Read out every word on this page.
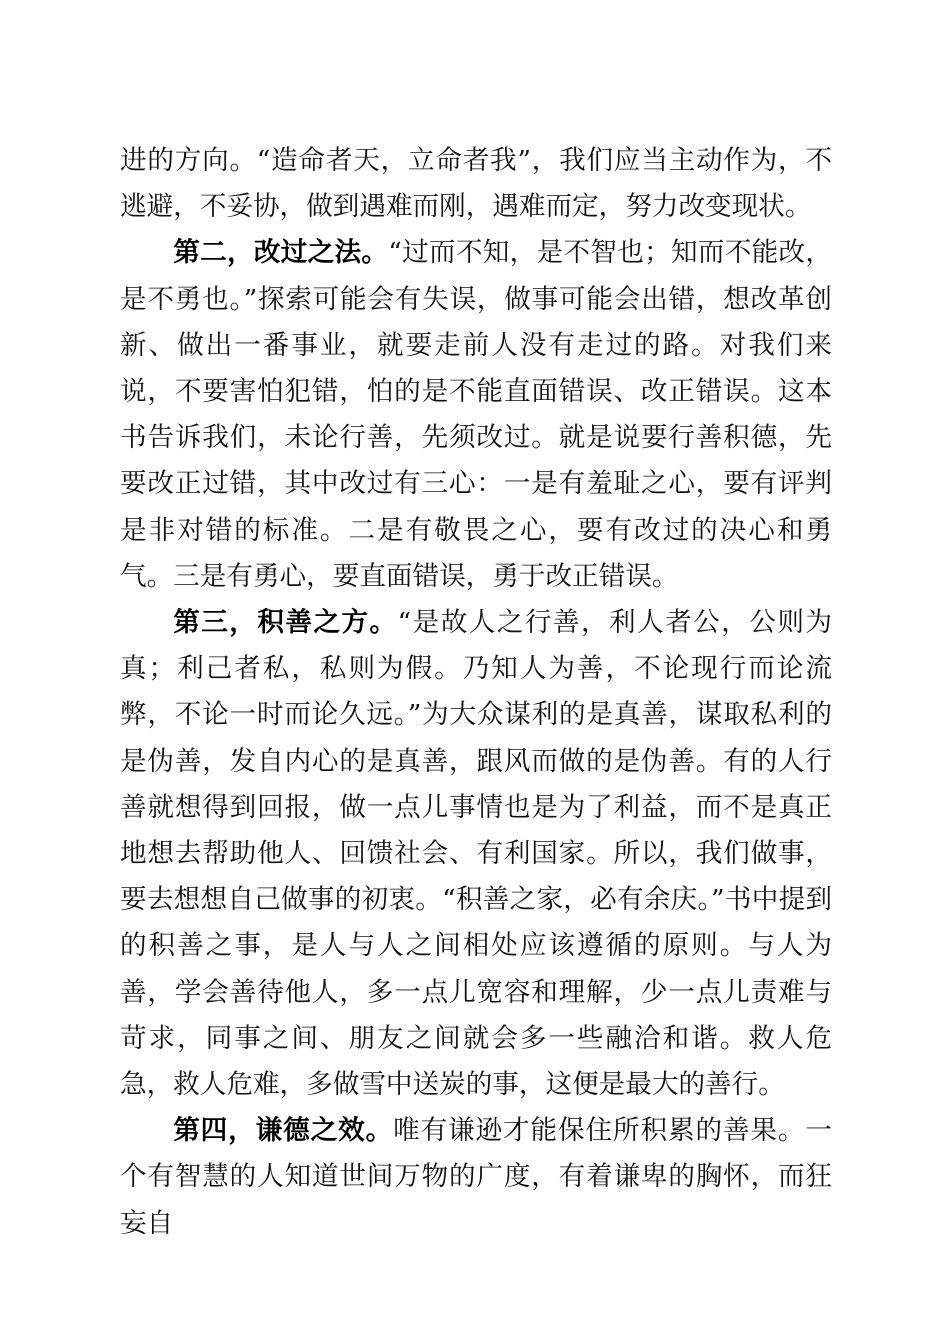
进的方向。“造命者天，立命者我”，我们应当主动作为，不逃避，不妥协，做到遇难而刚，遇难而定，努力改变现状。

第二，改过之法。“过而不知，是不智也；知而不能改，是不勇也。”探索可能会有失误，做事可能会出错，想改革创新、做出一番事业，就要走前人没有走过的路。对我们来说，不要害怕犯错，怕的是不能直面错误、改正错误。这本书告诉我们，未论行善，先须改过。就是说要行善积德，先要改正过错，其中改过有三心：一是有羞耻之心，要有评判是非对错的标准。二是有敬畏之心，要有改过的决心和勇气。三是有勇心，要直面错误，勇于改正错误。

第三，积善之方。“是故人之行善，利人者公，公则为真；利己者私，私则为假。乃知人为善，不论现行而论流弊，不论一时而论久远。”为大众谋利的是真善，谋取私利的是伪善，发自内心的是真善，跟风而做的是伪善。有的人行善就想得到回报，做一点儿事情也是为了利益，而不是真正地想去帮助他人、回馈社会、有利国家。所以，我们做事，要去想想自己做事的初衷。“积善之家，必有余庆。”书中提到的积善之事，是人与人之间相处应该遵循的原则。与人为善，学会善待他人，多一点儿宽容和理解，少一点儿责难与苛求，同事之间、朋友之间就会多一些融洽和谐。救人危急，救人危难，多做雪中送炭的事，这便是最大的善行。

第四，谦德之效。唯有谦逊才能保住所积累的善果。一个有智慧的人知道世间万物的广度，有着谦卑的胸怀，而狂妄自
